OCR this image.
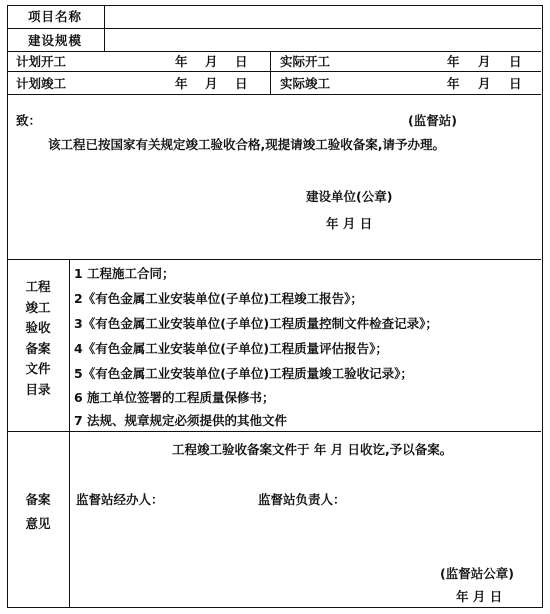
项目名称
建设规模
计划开工	年 月 日	实际开工	年 月 日
计划竣工	年 月 日	实际竣工	年 月 日
致：	(监督站)
该工程已按国家有关规定竣工验收合格,现提请竣工验收备案,请予办理。
建设单位(公章)
年 月 日
工程
竣工
验收
备案
文件
目录
1 工程施工合同；
2《有色金属工业安装单位(子单位)工程竣工报告》；
3《有色金属工业安装单位(子单位)工程质量控制文件检查记录》；
4《有色金属工业安装单位(子单位)工程质量评估报告》；
5《有色金属工业安装单位(子单位)工程质量竣工验收记录》；
6 施工单位签署的工程质量保修书；
7 法规、规章规定必须提供的其他文件
备案
意见
工程竣工验收备案文件于 年 月 日收讫,予以备案。
监督站经办人：	监督站负责人：
(监督站公章)
年 月 日
